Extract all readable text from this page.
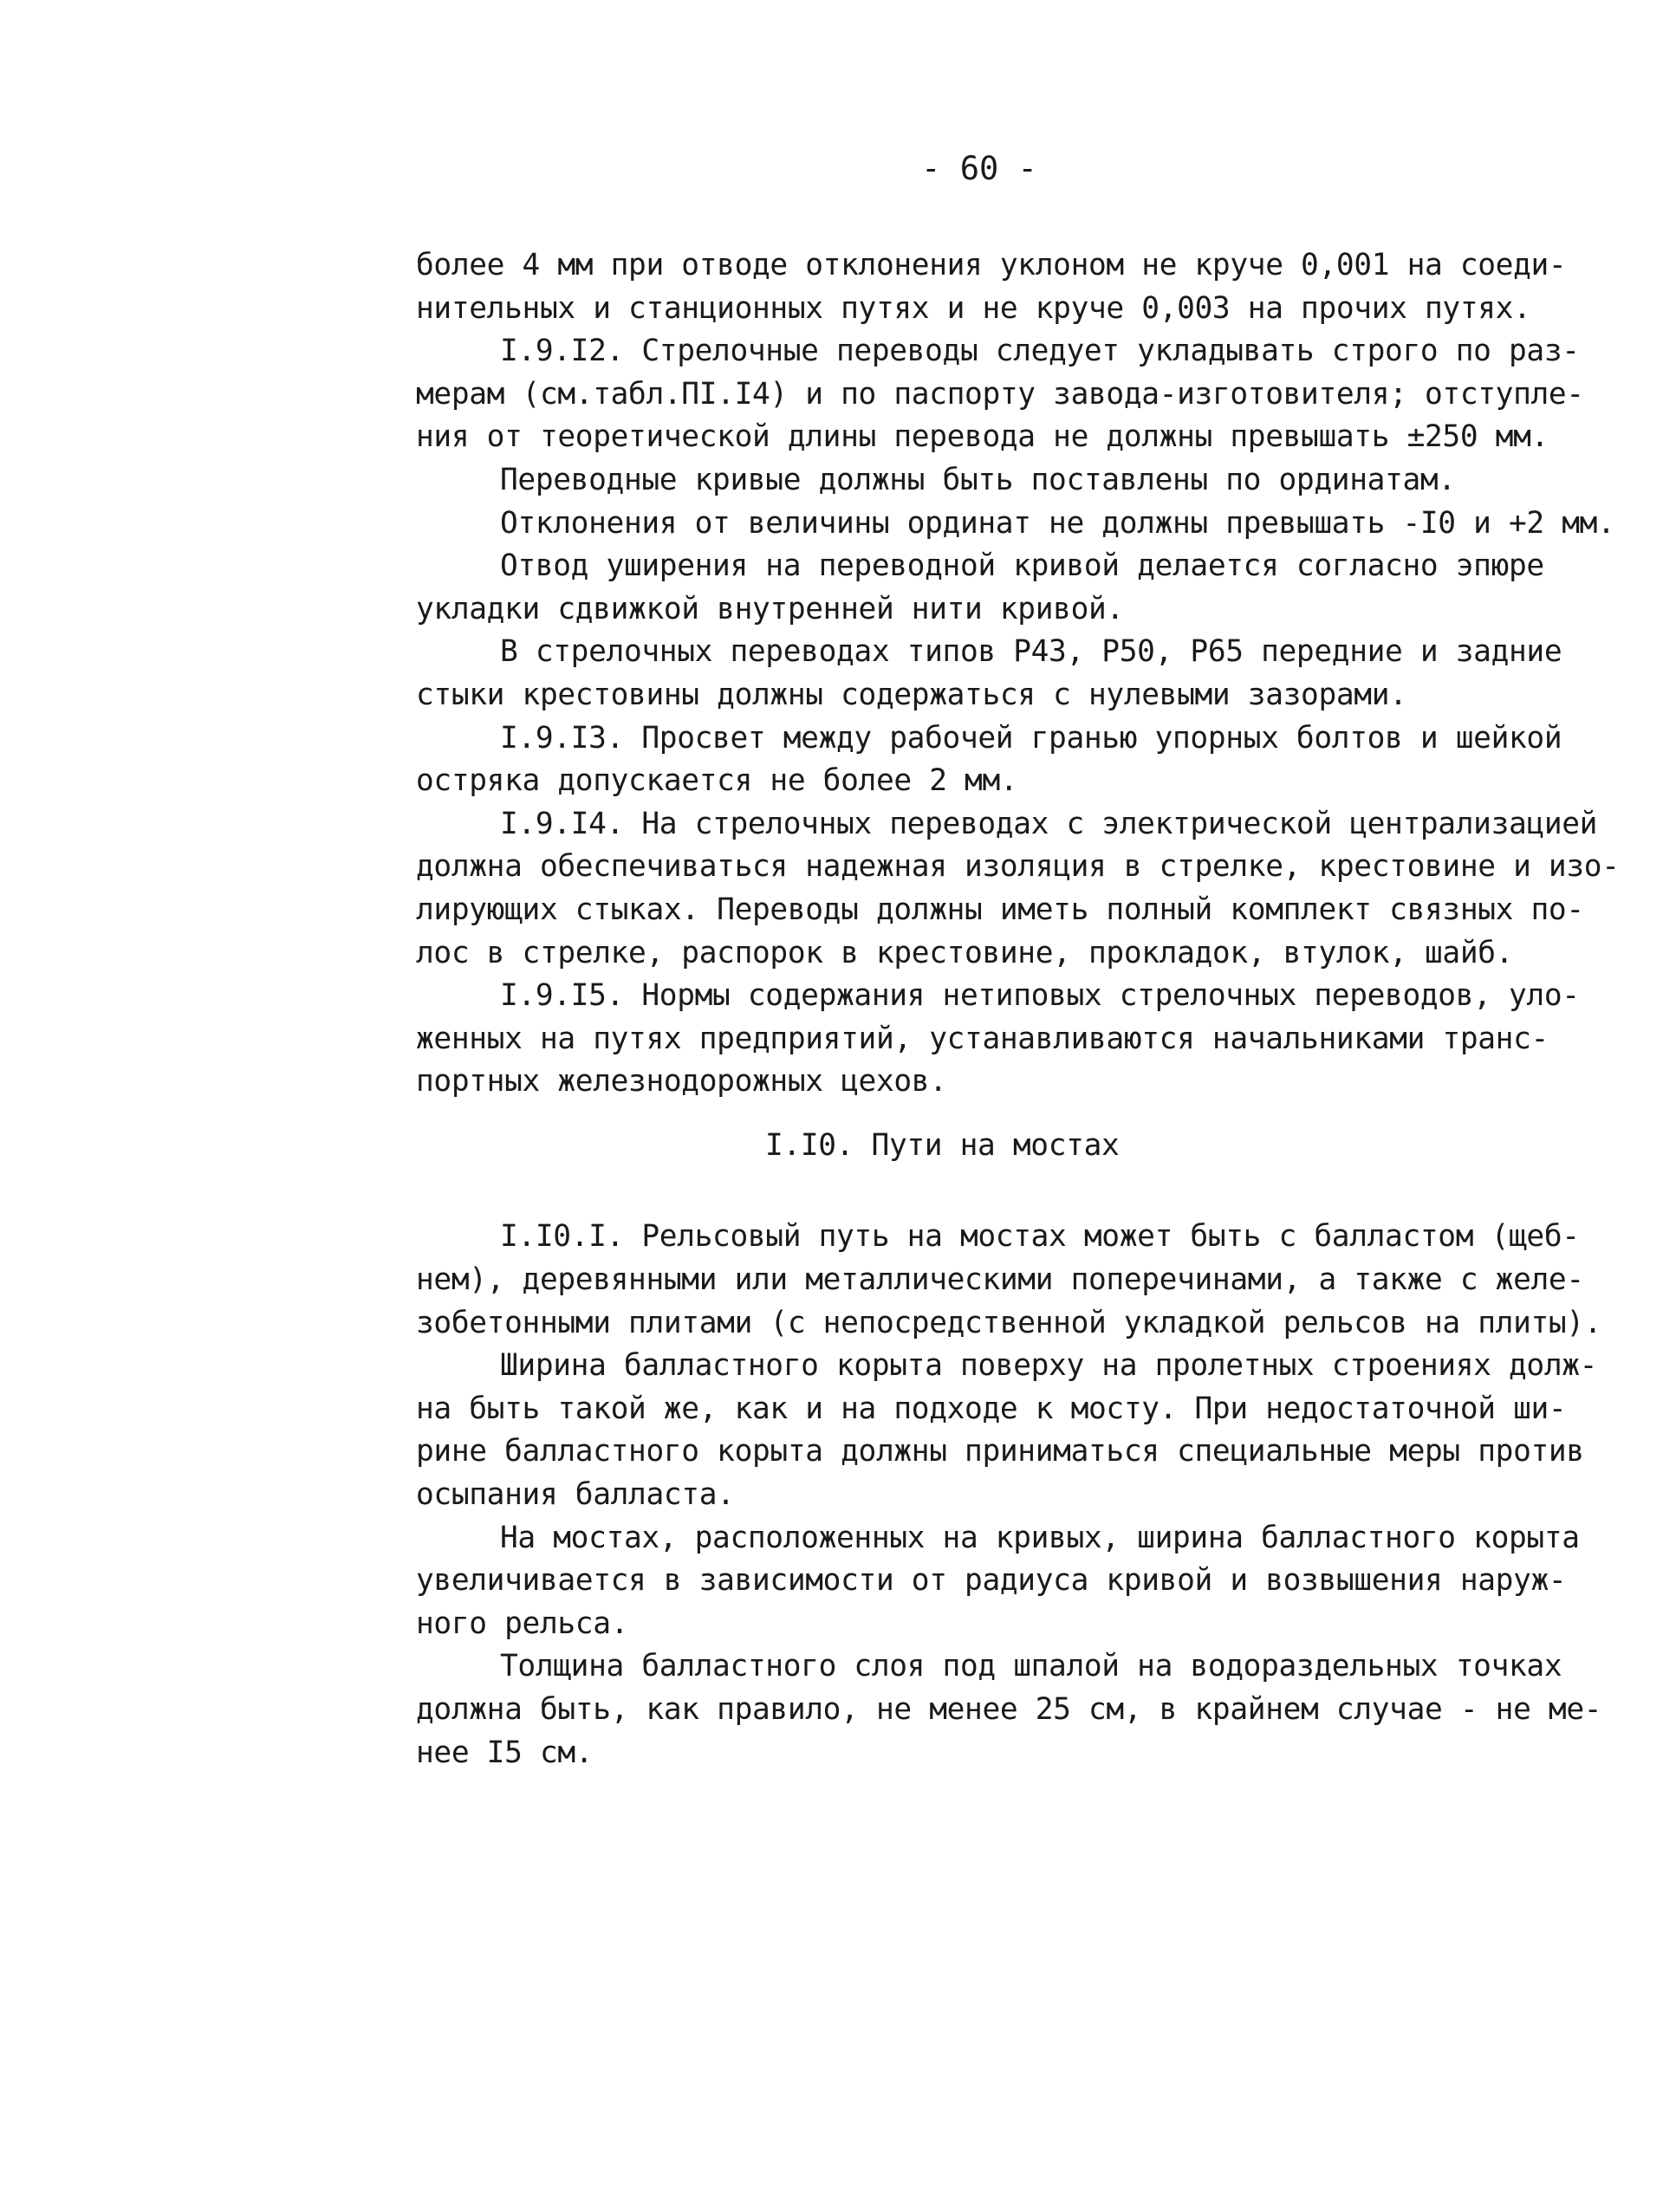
- 60 -
более 4 мм при отводе отклонения уклоном не круче 0,001 на соеди-
нительных и станционных путях и не круче 0,003 на прочих путях.
I.9.I2. Стрелочные переводы следует укладывать строго по раз-
мерам (см.табл.ПI.I4) и по паспорту завода-изготовителя; отступле-
ния от теоретической длины перевода не должны превышать ±250 мм.
Переводные кривые должны быть поставлены по ординатам.
Отклонения от величины ординат не должны превышать -I0 и +2 мм.
Отвод уширения на переводной кривой делается согласно эпюре
укладки сдвижкой внутренней нити кривой.
В стрелочных переводах типов Р43, Р50, Р65 передние и задние
стыки крестовины должны содержаться с нулевыми зазорами.
I.9.I3. Просвет между рабочей гранью упорных болтов и шейкой
остряка допускается не более 2 мм.
I.9.I4. На стрелочных переводах с электрической централизацией
должна обеспечиваться надежная изоляция в стрелке, крестовине и изо-
лирующих стыках. Переводы должны иметь полный комплект связных по-
лос в стрелке, распорок в крестовине, прокладок, втулок, шайб.
I.9.I5. Нормы содержания нетиповых стрелочных переводов, уло-
женных на путях предприятий, устанавливаются начальниками транс-
портных железнодорожных цехов.
I.I0. Пути на мостах
I.I0.I. Рельсовый путь на мостах может быть с балластом (щеб-
нем), деревянными или металлическими поперечинами, а также с желе-
зобетонными плитами (с непосредственной укладкой рельсов на плиты).
Ширина балластного корыта поверху на пролетных строениях долж-
на быть такой же, как и на подходе к мосту. При недостаточной ши-
рине балластного корыта должны приниматься специальные меры против
осыпания балласта.
На мостах, расположенных на кривых, ширина балластного корыта
увеличивается в зависимости от радиуса кривой и возвышения наруж-
ного рельса.
Толщина балластного слоя под шпалой на водораздельных точках
должна быть, как правило, не менее 25 см, в крайнем случае - не ме-
нее I5 см.
